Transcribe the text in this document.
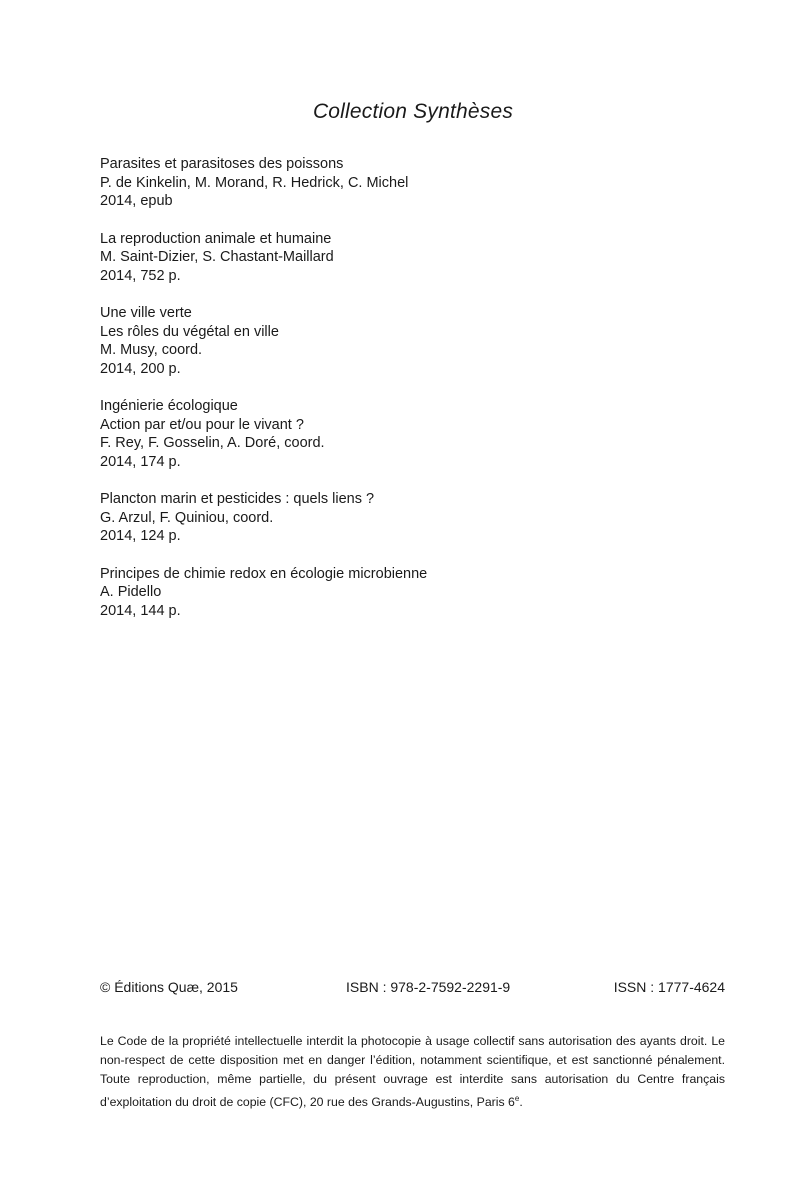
Collection Synthèses
Parasites et parasitoses des poissons
P. de Kinkelin, M. Morand, R. Hedrick, C. Michel
2014, epub
La reproduction animale et humaine
M. Saint-Dizier, S. Chastant-Maillard
2014, 752 p.
Une ville verte
Les rôles du végétal en ville
M. Musy, coord.
2014, 200 p.
Ingénierie écologique
Action par et/ou pour le vivant ?
F. Rey, F. Gosselin, A. Doré, coord.
2014, 174 p.
Plancton marin et pesticides : quels liens ?
G. Arzul, F. Quiniou, coord.
2014, 124 p.
Principes de chimie redox en écologie microbienne
A. Pidello
2014, 144 p.
© Éditions Quæ, 2015	ISBN : 978-2-7592-2291-9	ISSN : 1777-4624
Le Code de la propriété intellectuelle interdit la photocopie à usage collectif sans autorisation des ayants droit. Le non-respect de cette disposition met en danger l’édition, notamment scientifique, et est sanctionné pénalement. Toute reproduction, même partielle, du présent ouvrage est interdite sans autorisation du Centre français d’exploitation du droit de copie (CFC), 20 rue des Grands-Augustins, Paris 6e.
